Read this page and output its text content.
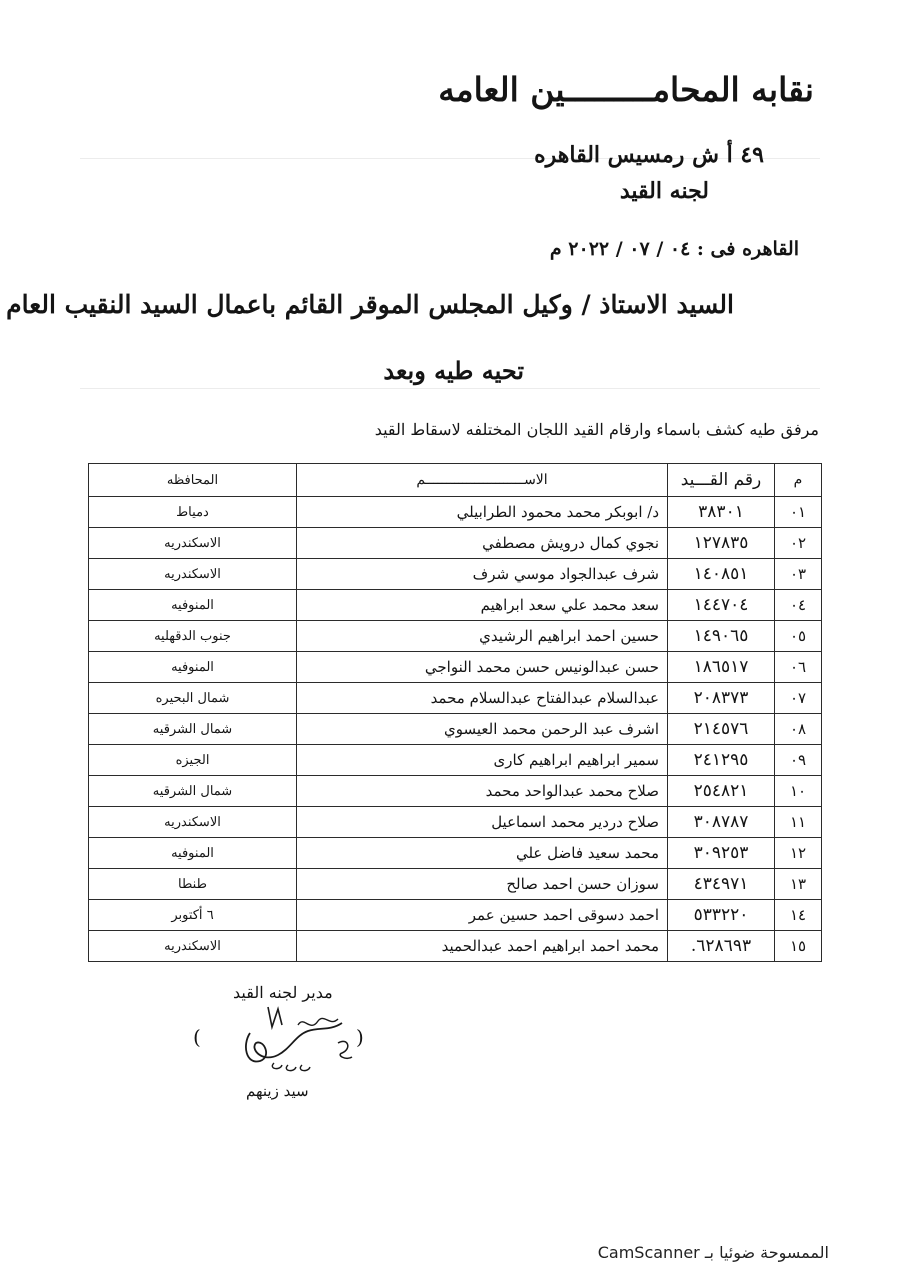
نقابه المحامـــــــــين العامه
٤٩ أ ش رمسيس القاهره
لجنه القيد
القاهره فى : ٠٤ / ٠٧ / ٢٠٢٢ م
السيد الاستاذ / وكيل المجلس الموقر القائم باعمال السيد النقيب العام
تحيه طيه وبعد
مرفق طيه كشف باسماء وارقام القيد اللجان المختلفه لاسقاط القيد
م	رقم القـــيد	الاســــــــــــــــــــــــم	المحافظه
٠١	٣٨٣٠١	د/ ابوبكر محمد محمود الطرابيلي	دمياط
٠٢	١٢٧٨٣٥	نجوي كمال درويش مصطفي	الاسكندريه
٠٣	١٤٠٨٥١	شرف عبدالجواد موسي شرف	الاسكندريه
٠٤	١٤٤٧٠٤	سعد محمد علي سعد ابراهيم	المنوفيه
٠٥	١٤٩٠٦٥	حسين احمد ابراهيم الرشيدي	جنوب الدقهليه
٠٦	١٨٦٥١٧	حسن عبدالونيس حسن محمد النواجي	المنوفيه
٠٧	٢٠٨٣٧٣	عبدالسلام عبدالفتاح عبدالسلام محمد	شمال البحيره
٠٨	٢١٤٥٧٦	اشرف عبد الرحمن محمد العيسوي	شمال الشرقيه
٠٩	٢٤١٢٩٥	سمير ابراهيم ابراهيم كارى	الجيزه
١٠	٢٥٤٨٢١	صلاح محمد عبدالواحد محمد	شمال الشرقيه
١١	٣٠٨٧٨٧	صلاح دردير محمد اسماعيل	الاسكندريه
١٢	٣٠٩٢٥٣	محمد سعيد فاضل علي	المنوفيه
١٣	٤٣٤٩٧١	سوزان حسن احمد صالح	طنطا
١٤	٥٣٣٢٢٠	احمد دسوقى احمد حسين عمر	٦ أكتوبر
١٥	٦٢٨٦٩٣.	محمد احمد ابراهيم احمد عبدالحميد	الاسكندريه
مدير لجنه القيد
(	)
سيد زينهم
الممسوحة ضوئيا بـ CamScanner
